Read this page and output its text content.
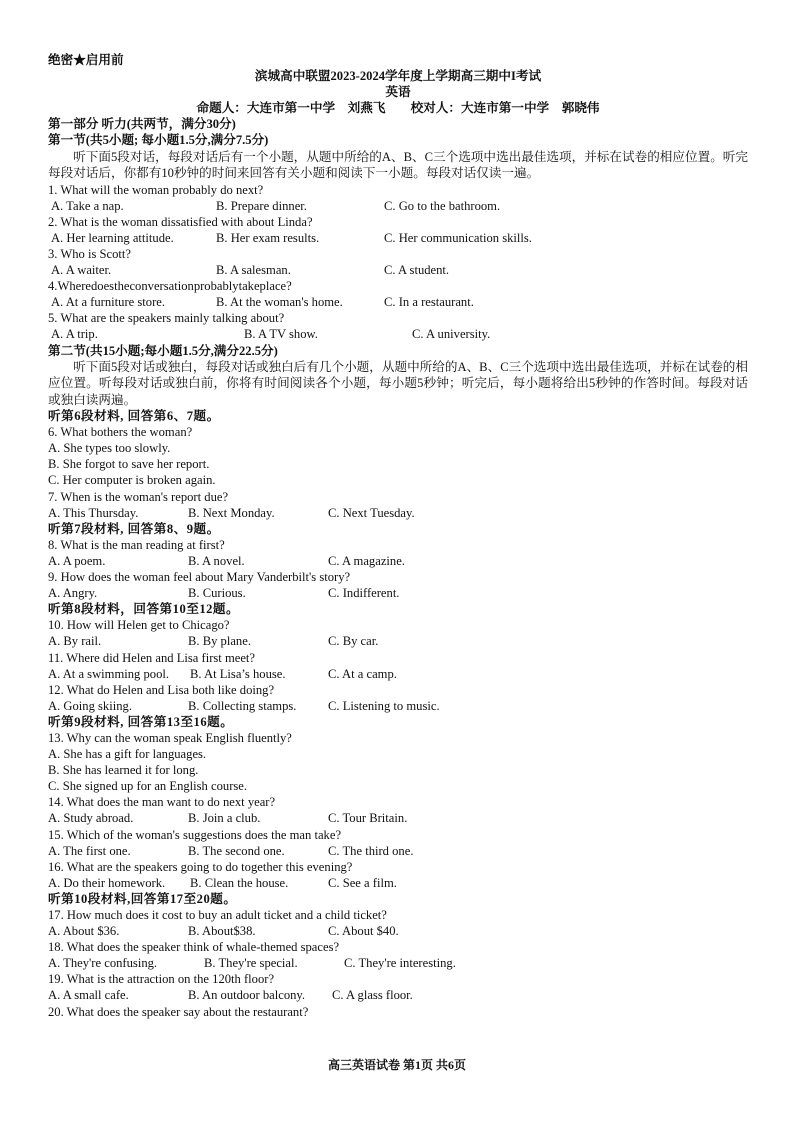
绝密★启用前
滨城高中联盟2023-2024学年度上学期高三期中I考试
英语
命题人：大连市第一中学　刘燕飞　　校对人：大连市第一中学　郭晓伟
第一部分 听力(共两节，满分30分)
第一节(共5小题; 每小题1.5分,满分7.5分)
听下面5段对话，每段对话后有一个小题，从题中所给的A、B、C三个选项中选出最佳选项，并标在试卷的相应位置。听完每段对话后，你都有10秒钟的时间来回答有关小题和阅读下一小题。每段对话仅读一遍。
1. What will the woman probably do next?
A. Take a nap.	B. Prepare dinner.	C. Go to the bathroom.
2. What is the woman dissatisfied with about Linda?
A. Her learning attitude.	B. Her exam results.	C. Her communication skills.
3. Who is Scott?
A. A waiter.	B. A salesman.	C. A student.
4.Wheredoestheconversationprobablytakeplace?
A. At a furniture store.	B. At the woman's home.	C. In a restaurant.
5. What are the speakers mainly talking about?
A. A trip.	B. A TV show.	C. A university.
第二节(共15小题;每小题1.5分,满分22.5分)
听下面5段对话或独白，每段对话或独白后有几个小题，从题中所给的A、B、C三个选项中选出最佳选项，并标在试卷的相应位置。听每段对话或独白前，你将有时间阅读各个小题，每小题5秒钟；听完后，每小题将给出5秒钟的作答时间。每段对话或独白读两遍。
听第6段材料, 回答第6、7题。
6. What bothers the woman?
A. She types too slowly.
B. She forgot to save her report.
C. Her computer is broken again.
7. When is the woman's report due?
A. This Thursday.	B. Next Monday.	C. Next Tuesday.
听第7段材料, 回答第8、9题。
8. What is the man reading at first?
A. A poem.	B. A novel.	C. A magazine.
9. How does the woman feel about Mary Vanderbilt's story?
A. Angry.	B. Curious.	C. Indifferent.
听第8段材料，回答第10至12题。
10. How will Helen get to Chicago?
A. By rail.	B. By plane.	C. By car.
11. Where did Helen and Lisa first meet?
A. At a swimming pool. B. At Lisa’s house.	C. At a camp.
12. What do Helen and Lisa both like doing?
A. Going skiing.	B. Collecting stamps.	C. Listening to music.
听第9段材料, 回答第13至16题。
13. Why can the woman speak English fluently?
A. She has a gift for languages.
B. She has learned it for long.
C. She signed up for an English course.
14. What does the man want to do next year?
A. Study abroad.	B. Join a club.	C. Tour Britain.
15. Which of the woman's suggestions does the man take?
A. The first one.	B. The second one.	C. The third one.
16. What are the speakers going to do together this evening?
A. Do their homework. B. Clean the house.	C. See a film.
听第10段材料,回答第17至20题。
17. How much does it cost to buy an adult ticket and a child ticket?
A. About $36.	B. About$38.	C. About $40.
18. What does the speaker think of whale-themed spaces?
A. They're confusing.	B. They're special.	C. They're interesting.
19. What is the attraction on the 120th floor?
A. A small cafe.	B. An outdoor balcony. C. A glass floor.
20. What does the speaker say about the restaurant?
高三英语试卷 第1页 共6页
